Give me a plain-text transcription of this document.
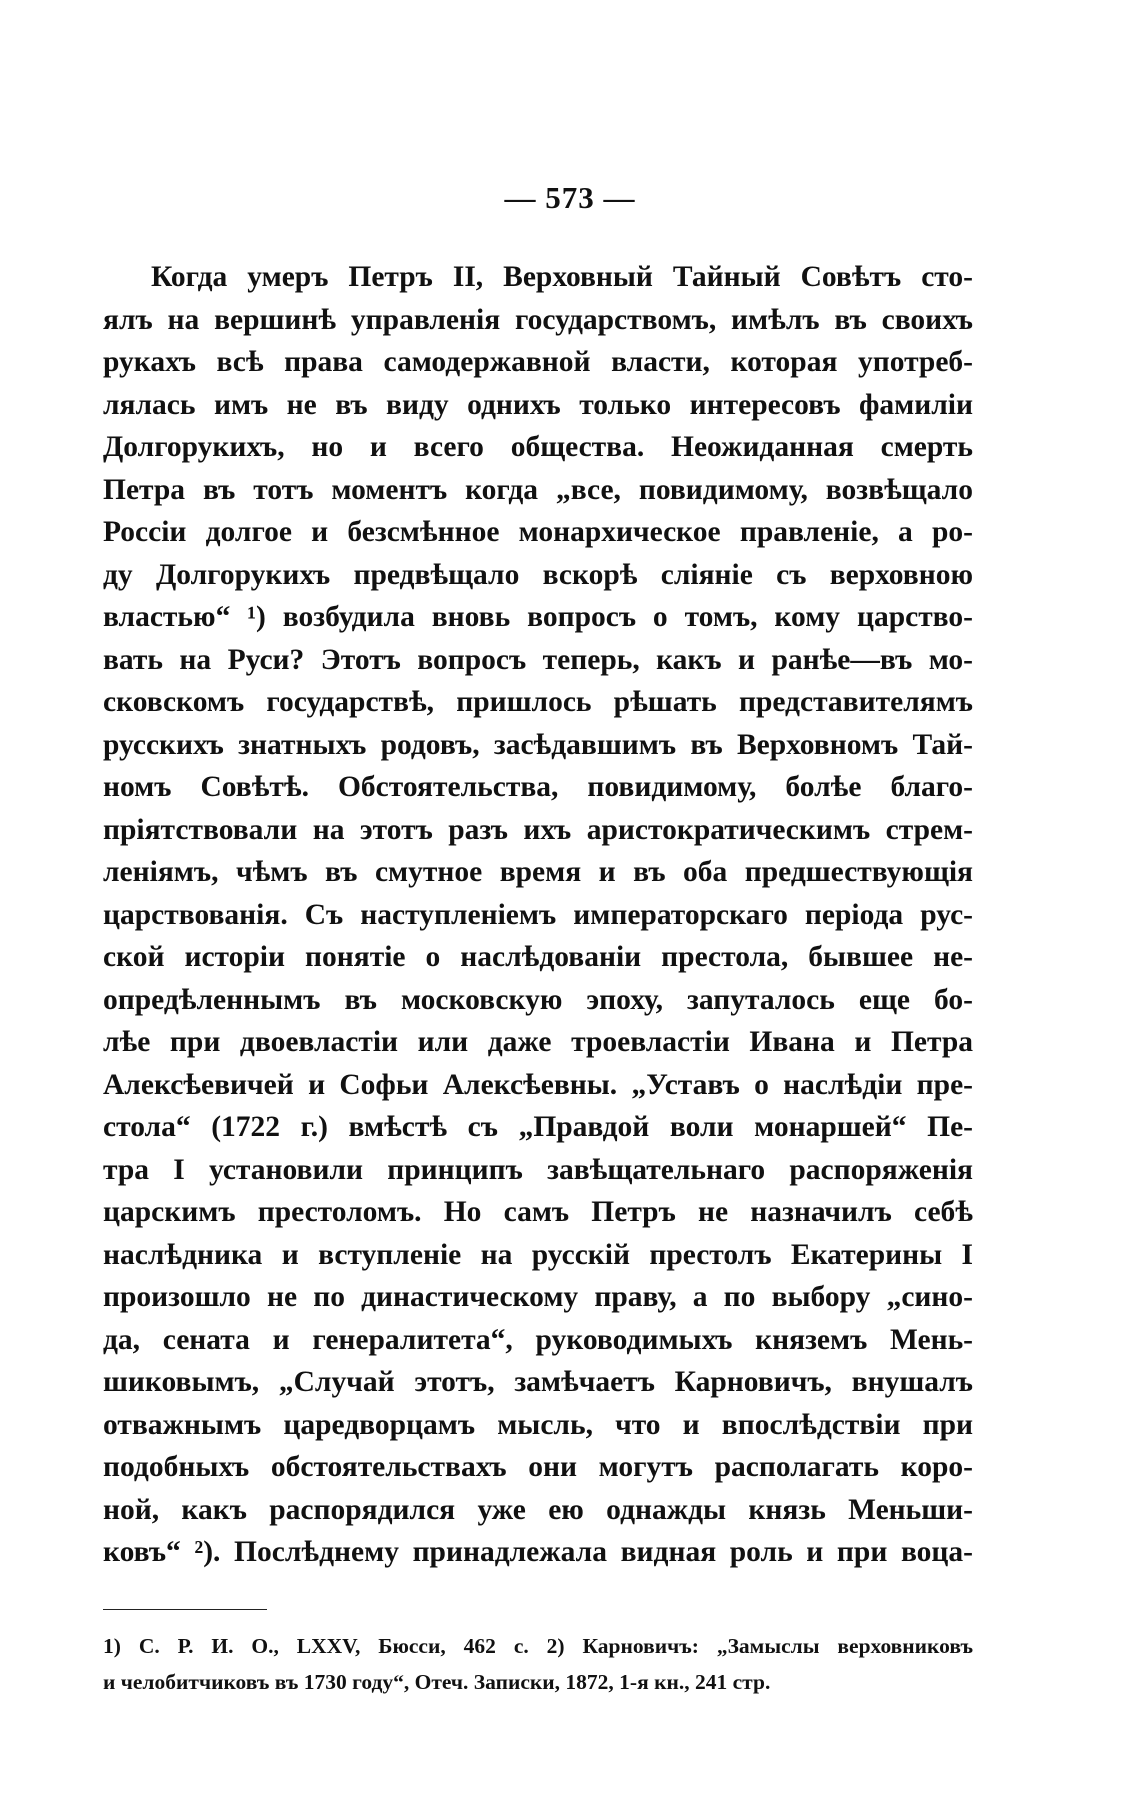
— 573 —
Когда умеръ Петръ II, Верховный Тайный Совѣтъ сто-
ялъ на вершинѣ управленія государствомъ, имѣлъ въ своихъ
рукахъ всѣ права самодержавной власти, которая употреб-
лялась имъ не въ виду однихъ только интересовъ фамиліи
Долгорукихъ, но и всего общества. Неожиданная смерть
Петра въ тотъ моментъ когда „все, повидимому, возвѣщало
Россіи долгое и безсмѣнное монархическое правленіе, а ро-
ду Долгорукихъ предвѣщало вскорѣ сліяніе съ верховною
властью“ ¹) возбудила вновь вопросъ о томъ, кому царство-
вать на Руси? Этотъ вопросъ теперь, какъ и ранѣе—въ мо-
сковскомъ государствѣ, пришлось рѣшать представителямъ
русскихъ знатныхъ родовъ, засѣдавшимъ въ Верховномъ Тай-
номъ Совѣтѣ. Обстоятельства, повидимому, болѣе благо-
пріятствовали на этотъ разъ ихъ аристократическимъ стрем-
леніямъ, чѣмъ въ смутное время и въ оба предшествующія
царствованія. Съ наступленіемъ императорскаго періода рус-
ской исторіи понятіе о наслѣдованіи престола, бывшее не-
опредѣленнымъ въ московскую эпоху, запуталось еще бо-
лѣе при двоевластіи или даже троевластіи Ивана и Петра
Алексѣевичей и Софьи Алексѣевны. „Уставъ о наслѣдіи пре-
стола“ (1722 г.) вмѣстѣ съ „Правдой воли монаршей“ Пе-
тра I установили принципъ завѣщательнаго распоряженія
царскимъ престоломъ. Но самъ Петръ не назначилъ себѣ
наслѣдника и вступленіе на русскій престолъ Екатерины I
произошло не по династическому праву, а по выбору „сино-
да, сената и генералитета“, руководимыхъ княземъ Мень-
шиковымъ, „Случай этотъ, замѣчаетъ Карновичъ, внушалъ
отважнымъ царедворцамъ мысль, что и впослѣдствіи при
подобныхъ обстоятельствахъ они могутъ располагать коро-
ной, какъ распорядился уже ею однажды князь Меньши-
ковъ“ ²). Послѣднему принадлежала видная роль и при воца-
1) С. Р. И. О., LXXV, Бюсси, 462 с. 2) Карновичъ: „Замыслы верховниковъ
и челобитчиковъ въ 1730 году“, Отеч. Записки, 1872, 1-я кн., 241 стр.
